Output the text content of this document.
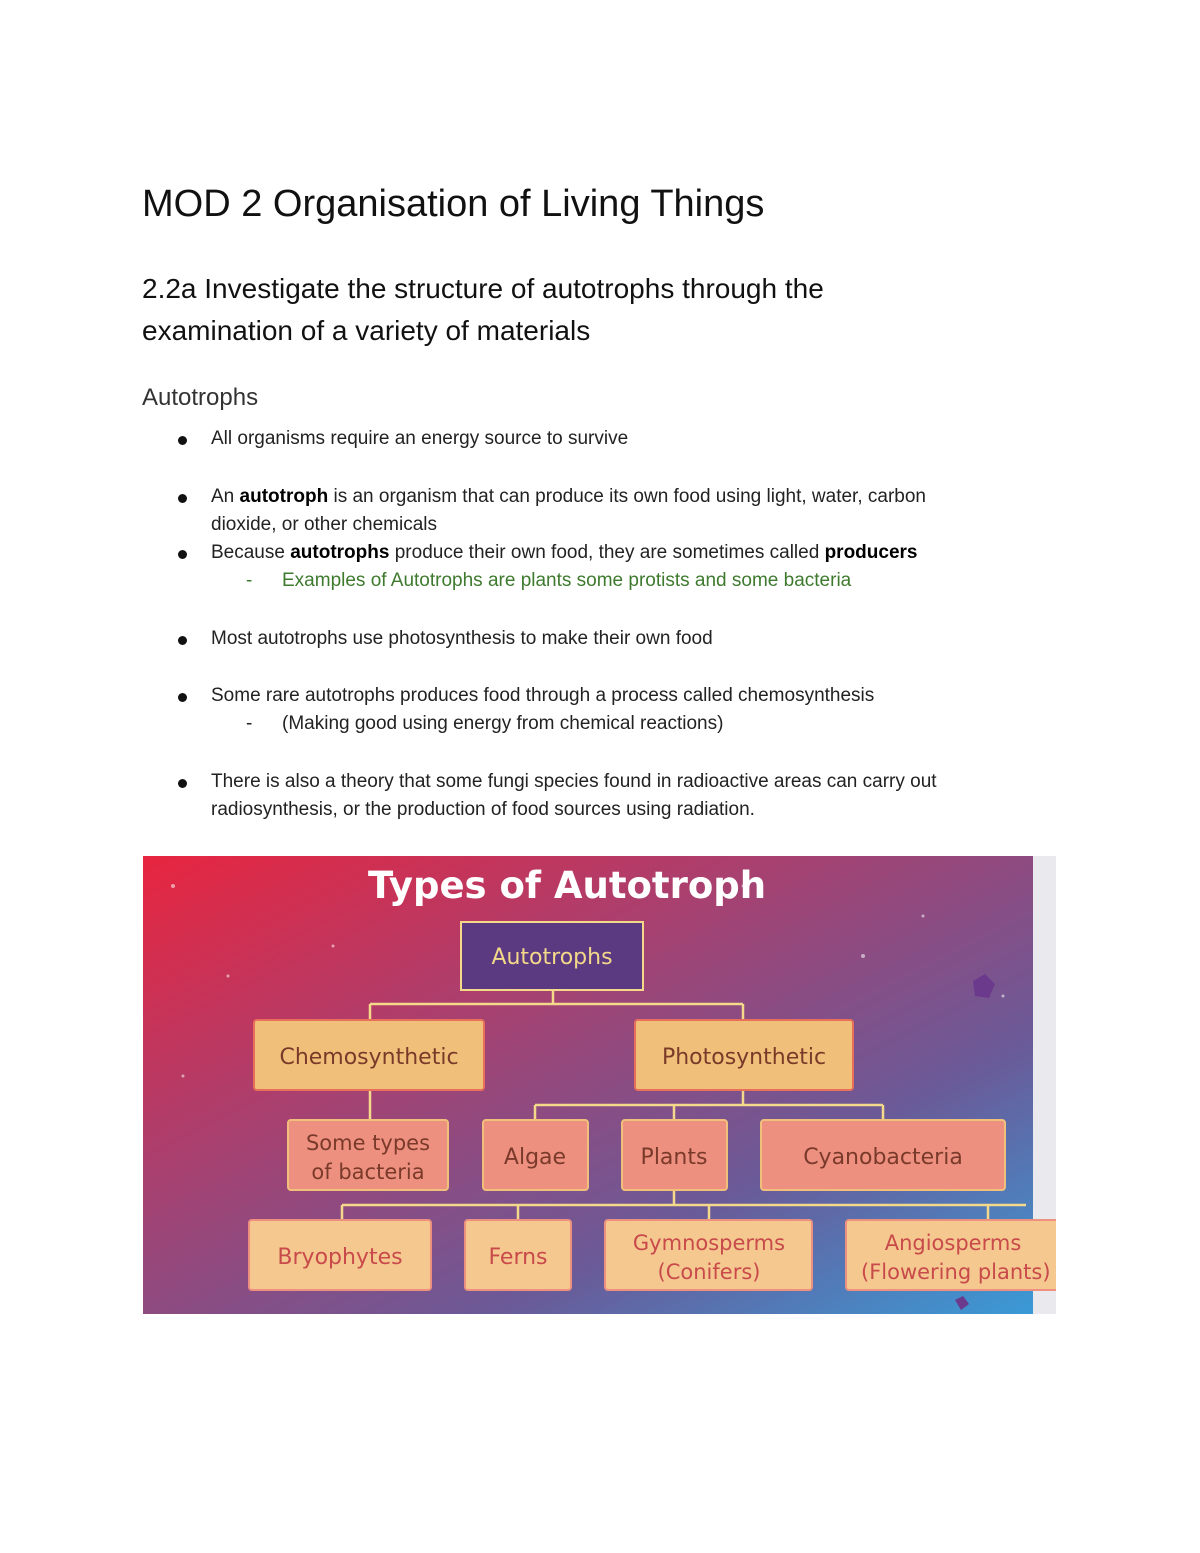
MOD 2 Organisation of Living Things
2.2a Investigate the structure of autotrophs through the
examination of a variety of materials
Autotrophs
All organisms require an energy source to survive
An autotroph is an organism that can produce its own food using light, water, carbon
dioxide, or other chemicals
Because autotrophs produce their own food, they are sometimes called producers
- Examples of Autotrophs are plants some protists and some bacteria
Most autotrophs use photosynthesis to make their own food
Some rare autotrophs produces food through a process called chemosynthesis
- (Making good using energy from chemical reactions)
There is also a theory that some fungi species found in radioactive areas can carry out
radiosynthesis, or the production of food sources using radiation.
Types of Autotroph
Autotrophs
Chemosynthetic	Photosynthetic
Some types
of bacteria
Algae	Plants	Cyanobacteria
Bryophytes	Ferns
Gymnosperms
(Conifers)
Angiosperms
(Flowering plants)
